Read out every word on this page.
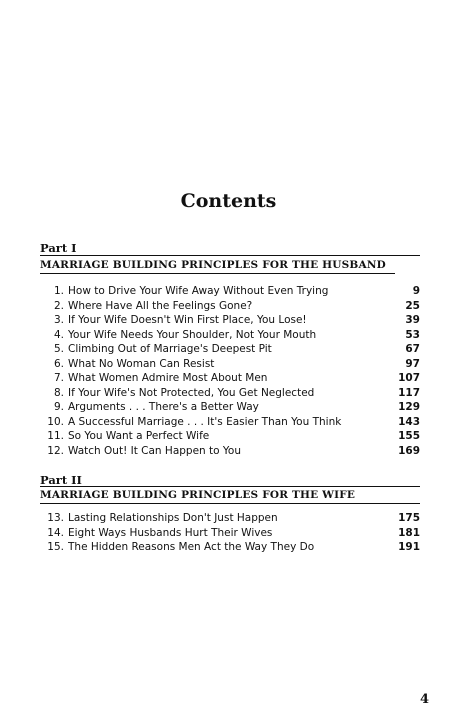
Contents
Part I
MARRIAGE BUILDING PRINCIPLES FOR THE HUSBAND
1. How to Drive Your Wife Away Without Even Trying	9
2. Where Have All the Feelings Gone?	25
3. If Your Wife Doesn't Win First Place, You Lose!	39
4. Your Wife Needs Your Shoulder, Not Your Mouth	53
5. Climbing Out of Marriage's Deepest Pit	67
6. What No Woman Can Resist	97
7. What Women Admire Most About Men	107
8. If Your Wife's Not Protected, You Get Neglected	117
9. Arguments . . . There's a Better Way	129
10. A Successful Marriage . . . It's Easier Than You Think	143
11. So You Want a Perfect Wife	155
12. Watch Out! It Can Happen to You	169
Part II
MARRIAGE BUILDING PRINCIPLES FOR THE WIFE
13. Lasting Relationships Don't Just Happen	175
14. Eight Ways Husbands Hurt Their Wives	181
15. The Hidden Reasons Men Act the Way They Do	191
4
